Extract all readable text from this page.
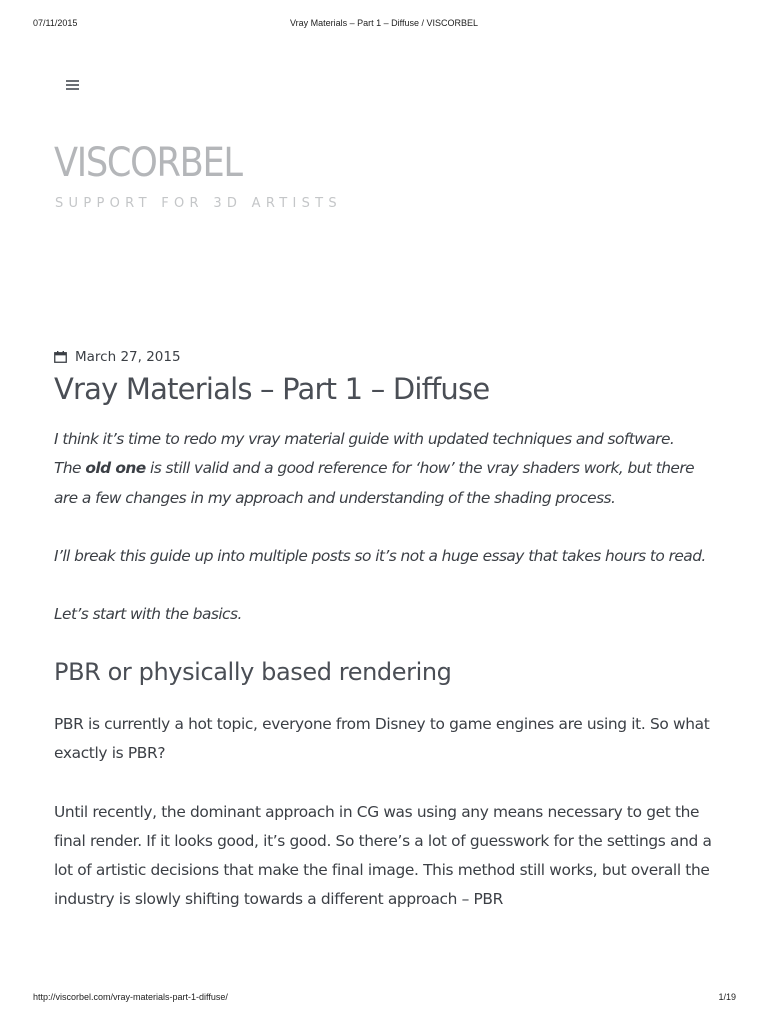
07/11/2015	Vray Materials – Part 1 – Diffuse / VISCORBEL
VISCORBEL
SUPPORT FOR 3D ARTISTS
March 27, 2015
Vray Materials – Part 1 – Diffuse

I think it’s time to redo my vray material guide with updated techniques and software.
The old one is still valid and a good reference for ‘how’ the vray shaders work, but there are a few changes in my approach and understanding of the shading process.

I’ll break this guide up into multiple posts so it’s not a huge essay that takes hours to read.

Let’s start with the basics.

PBR or physically based rendering

PBR is currently a hot topic, everyone from Disney to game engines are using it. So what exactly is PBR?

Until recently, the dominant approach in CG was using any means necessary to get the final render. If it looks good, it’s good. So there’s a lot of guesswork for the settings and a lot of artistic decisions that make the final image. This method still works, but overall the industry is slowly shifting towards a different approach – PBR

http://viscorbel.com/vray-materials-part-1-diffuse/	1/19
